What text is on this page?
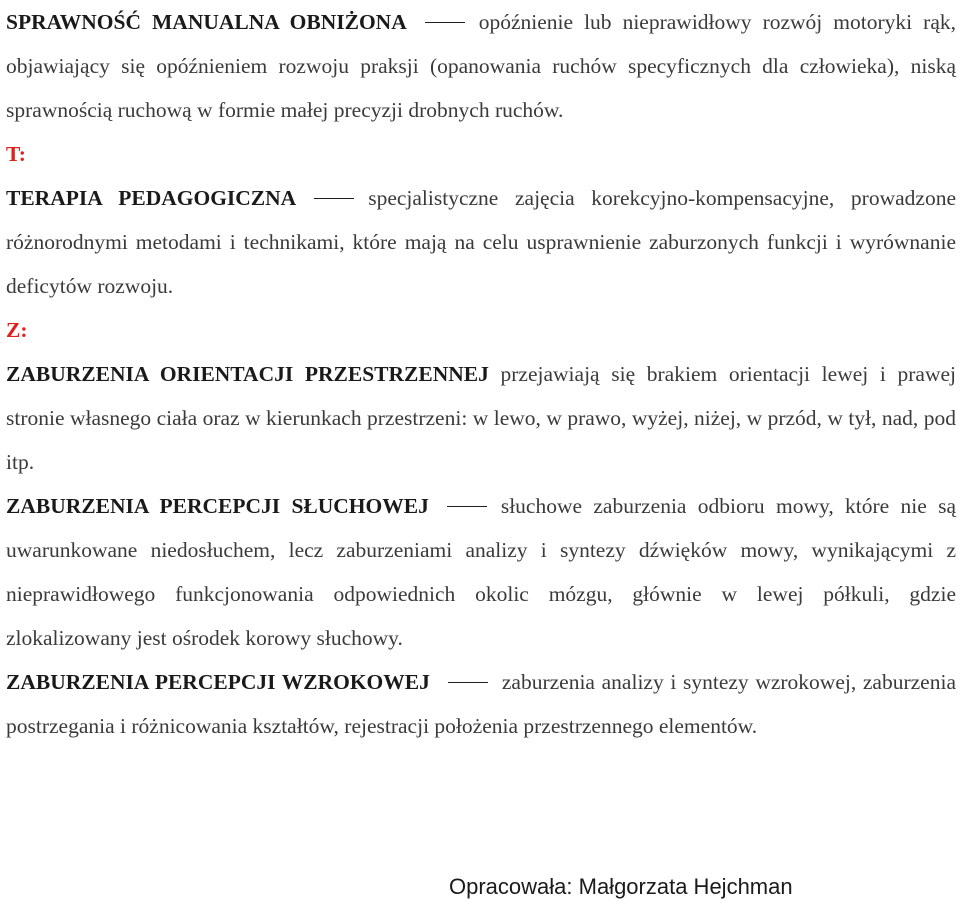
SPRAWNOŚĆ MANUALNA OBNIŻONA	opóźnienie lub nieprawidłowy rozwój motoryki rąk, objawiający się opóźnieniem rozwoju praksji (opanowania ruchów specyficznych dla człowieka), niską sprawnością ruchową w formie małej precyzji drobnych ruchów.

T:

TERAPIA PEDAGOGICZNA	specjalistyczne zajęcia korekcyjno-kompensacyjne, prowadzone różnorodnymi metodami i technikami, które mają na celu usprawnienie zaburzonych funkcji i wyrównanie deficytów rozwoju.

Z:

ZABURZENIA ORIENTACJI PRZESTRZENNEJ przejawiają się brakiem orientacji lewej i prawej stronie własnego ciała oraz w kierunkach przestrzeni: w lewo, w prawo, wyżej, niżej, w przód, w tył, nad, pod itp.

ZABURZENIA PERCEPCJI SŁUCHOWEJ	słuchowe zaburzenia odbioru mowy, które nie są uwarunkowane niedosłuchem, lecz zaburzeniami analizy i syntezy dźwięków mowy, wynikającymi z nieprawidłowego funkcjonowania odpowiednich okolic mózgu, głównie w lewej półkuli, gdzie zlokalizowany jest ośrodek korowy słuchowy.

ZABURZENIA PERCEPCJI WZROKOWEJ	zaburzenia analizy i syntezy wzrokowej, zaburzenia postrzegania i różnicowania kształtów, rejestracji położenia przestrzennego elementów.

Opracowała: Małgorzata Hejchman
